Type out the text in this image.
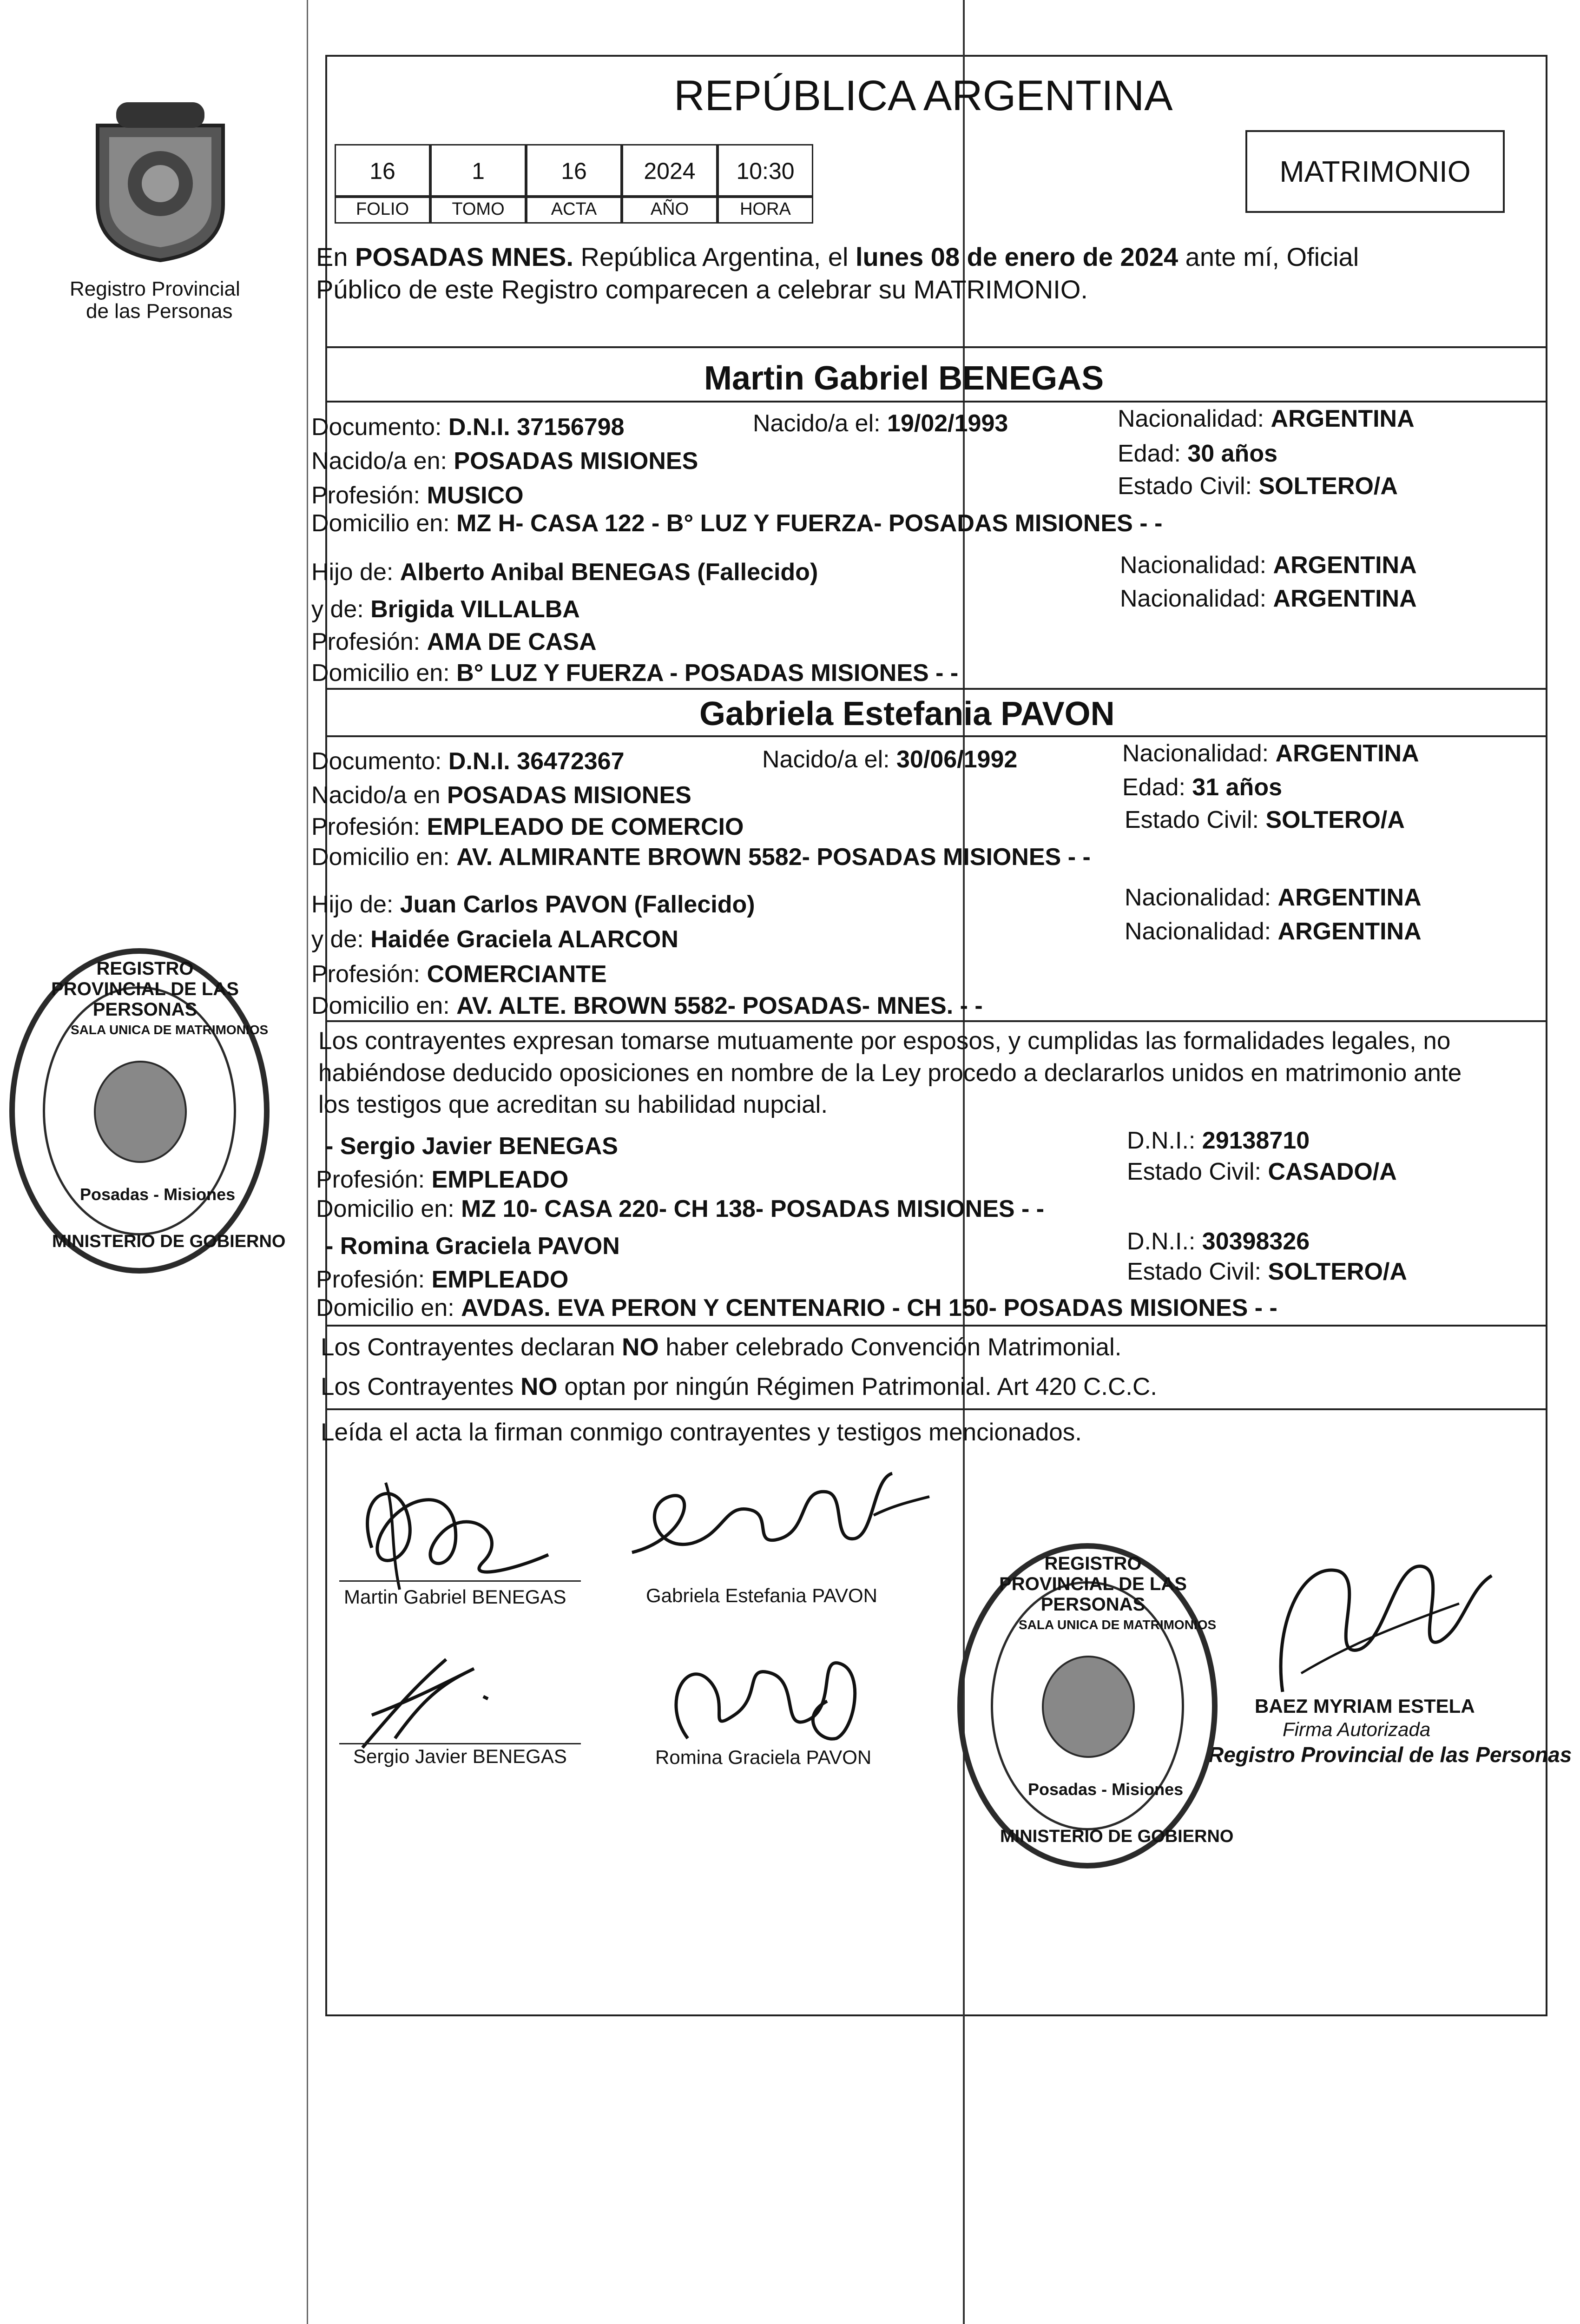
Registro Provincial
de las Personas
REPÚBLICA ARGENTINA
16	1	16 2024 10:30
FOLIO TOMO	ACTA	AÑO	HORA
MATRIMONIO
En POSADAS MNES. República Argentina, el lunes 08 de enero de 2024 ante mí, Oficial
Público de este Registro comparecen a celebrar su MATRIMONIO.
Martin Gabriel BENEGAS
Documento: D.N.I. 37156798	Nacido/a el: 19/02/1993	Nacionalidad: ARGENTINA
Nacido/a en: POSADAS MISIONES	Edad: 30 años
Profesión: MUSICO	Estado Civil: SOLTERO/A
Domicilio en: MZ H- CASA 122 - B° LUZ Y FUERZA- POSADAS MISIONES - -
Hijo de: Alberto Anibal BENEGAS (Fallecido)	Nacionalidad: ARGENTINA
y de: Brigida VILLALBA	Nacionalidad: ARGENTINA
Profesión: AMA DE CASA
Domicilio en: B° LUZ Y FUERZA - POSADAS MISIONES - -
Gabriela Estefania PAVON
Documento: D.N.I. 36472367	Nacido/a el: 30/06/1992	Nacionalidad: ARGENTINA
Nacido/a en POSADAS MISIONES	Edad: 31 años
Profesión: EMPLEADO DE COMERCIO	Estado Civil: SOLTERO/A
Domicilio en: AV. ALMIRANTE BROWN 5582- POSADAS MISIONES - -
Hijo de: Juan Carlos PAVON (Fallecido)	Nacionalidad: ARGENTINA
y de: Haidée Graciela ALARCON	Nacionalidad: ARGENTINA
Profesión: COMERCIANTE
Domicilio en: AV. ALTE. BROWN 5582- POSADAS- MNES. - -
Los contrayentes expresan tomarse mutuamente por esposos, y cumplidas las formalidades legales, no
habiéndose deducido oposiciones en nombre de la Ley procedo a declararlos unidos en matrimonio ante
los testigos que acreditan su habilidad nupcial.
- Sergio Javier BENEGAS	D.N.I.: 29138710
Profesión: EMPLEADO	Estado Civil: CASADO/A
Domicilio en: MZ 10- CASA 220- CH 138- POSADAS MISIONES - -
- Romina Graciela PAVON	D.N.I.: 30398326
Profesión: EMPLEADO	Estado Civil: SOLTERO/A
Domicilio en: AVDAS. EVA PERON Y CENTENARIO - CH 150- POSADAS MISIONES - -
Los Contrayentes declaran NO haber celebrado Convención Matrimonial.
Los Contrayentes NO optan por ningún Régimen Patrimonial. Art 420 C.C.C.
Leída el acta la firman conmigo contrayentes y testigos mencionados.
Martin Gabriel BENEGAS	Gabriela Estefania PAVON
Sergio Javier BENEGAS	Romina Graciela PAVON
BAEZ MYRIAM ESTELA
Firma Autorizada
Registro Provincial de las Personas
REGISTRO PROVINCIAL DE LAS PERSONAS
SALA UNICA DE MATRIMONIOS
Posadas - Misiones
MINISTERIO DE GOBIERNO
REGISTRO PROVINCIAL DE LAS PERSONAS
SALA UNICA DE MATRIMONIOS
Posadas - Misiones
MINISTERIO DE GOBIERNO
